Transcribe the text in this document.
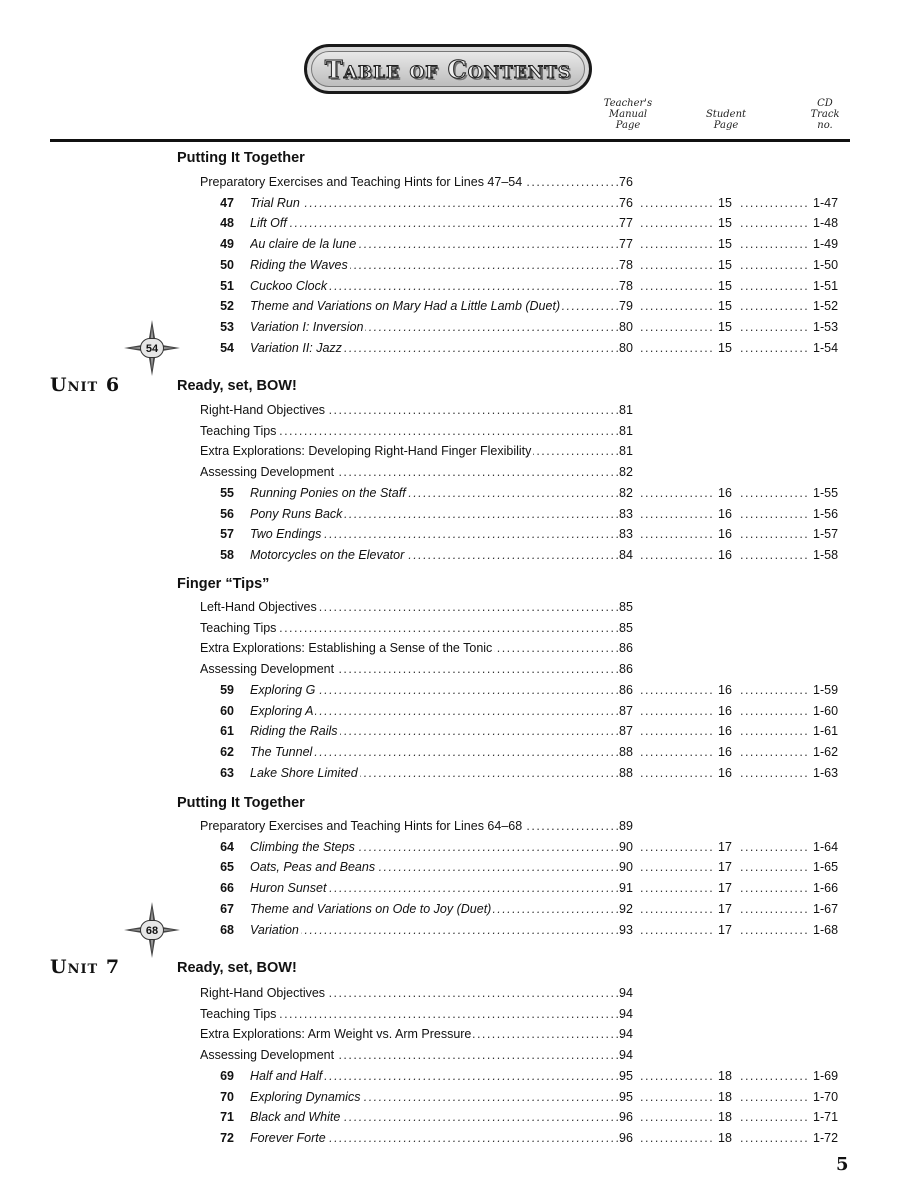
Table of Contents
Teacher's
Manual
Page
Student
Page
CD
Track
no.
Unit 6
Unit 7
Putting It Together
Ready, set, BOW!
Finger “Tips”
Putting It Together
Ready, set, BOW!
. . .
Preparatory Exercises and Teaching Hints for Lines 47–54	76
47 . . . Trial Run	76 . . .	15 . . .	1-47
48 . . . Lift Off	77 . . .	15 . . .	1-48
49 . . . Au claire de la lune	77 . . .	15 . . .	1-49
50 . . . Riding the Waves	78 . . .	15 . . .	1-50
51 . . . Cuckoo Clock	78 . . .	15 . . .	1-51
52 . . . Theme and Variations on Mary Had a Little Lamb (Duet)	79 . . .	15 . . .	1-52
53 . . . Variation I: Inversion	80 . . .	15 . . .	1-53
54 . . . Variation II: Jazz	80 . . .	15 . . .	1-54
. . .
Right-Hand Objectives	81
. . .
Teaching Tips	81
. . .
Extra Explorations: Developing Right-Hand Finger Flexibility	81
. . .
Assessing Development	82
55 . . . Running Ponies on the Staff	82 . . .	16 . . .	1-55
56 . . . Pony Runs Back	83 . . .	16 . . .	1-56
57 . . . Two Endings	83 . . .	16 . . .	1-57
58 . . . Motorcycles on the Elevator	84 . . .	16 . . .	1-58
. . .
Left-Hand Objectives	85
. . .
Teaching Tips	85
. . .
Extra Explorations: Establishing a Sense of the Tonic	86
. . .
Assessing Development	86
59 . . . Exploring G	86 . . .	16 . . .	1-59
60 . . . Exploring A	87 . . .	16 . . .	1-60
61 . . . Riding the Rails	87 . . .	16 . . .	1-61
62 . . . The Tunnel	88 . . .	16 . . .	1-62
63 . . . Lake Shore Limited	88 . . .	16 . . .	1-63
. . .
Preparatory Exercises and Teaching Hints for Lines 64–68	89
64 . . . Climbing the Steps	90 . . .	17 . . .	1-64
65 . . . Oats, Peas and Beans	90 . . .	17 . . .	1-65
66 . . . Huron Sunset	91 . . .	17 . . .	1-66
67 . . . Theme and Variations on Ode to Joy (Duet)	92 . . .	17 . . .	1-67
68 . . . Variation	93 . . .	17 . . .	1-68
. . .
Right-Hand Objectives	94
. . .
Teaching Tips	94
. . .
Extra Explorations: Arm Weight vs. Arm Pressure	94
. . .
Assessing Development	94
69 . . . Half and Half	95 . . .	18 . . .	1-69
70 . . . Exploring Dynamics	95 . . .	18 . . .	1-70
71 . . . Black and White	96 . . .	18 . . .	1-71
72 . . . Forever Forte	96 . . .	18 . . .	1-72
54
68
5
